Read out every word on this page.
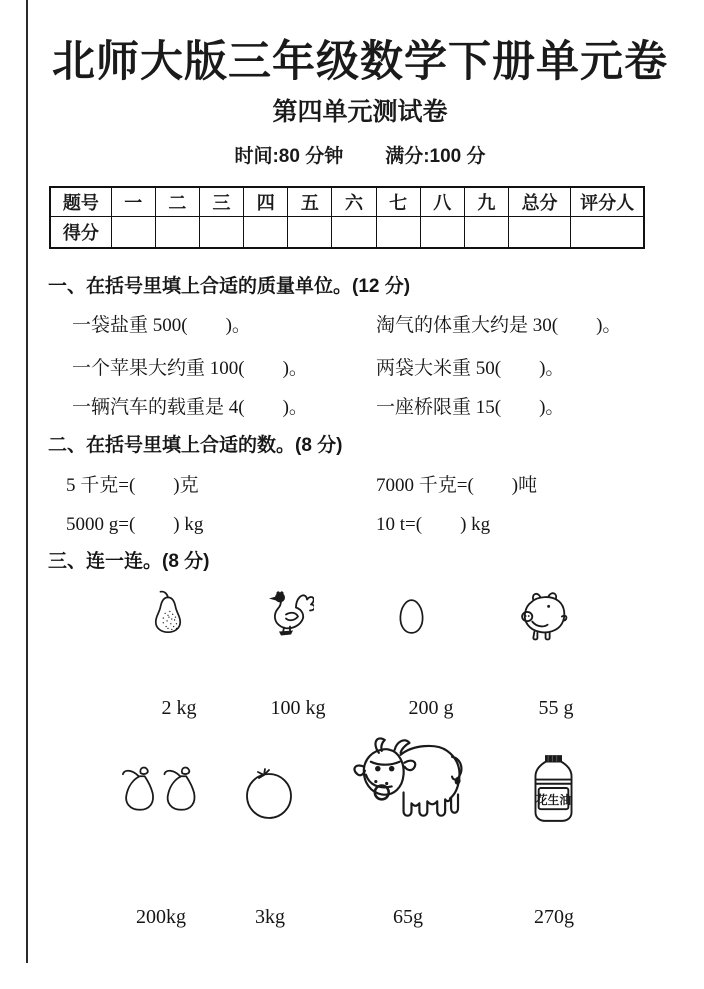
北师大版三年级数学下册单元卷
第四单元测试卷
时间:80 分钟 满分:100 分
题号	一	二	三	四	五	六	七	八	九	总分	评分人
得分											
一、在括号里填上合适的质量单位。(12 分)
一袋盐重 500(　　)。	淘气的体重大约是 30(　　)。
一个苹果大约重 100(　　)。	两袋大米重 50(　　)。
一辆汽车的载重是 4(　　)。	一座桥限重 15(　　)。
二、在括号里填上合适的数。(8 分)
5 千克=(　　)克	7000 千克=(　　)吨
5000 g=(　　) kg	10 t=(　　) kg
三、连一连。(8 分)
2 kg	100 kg	200 g	55 g
花生油
200kg	3kg	65g	270g
